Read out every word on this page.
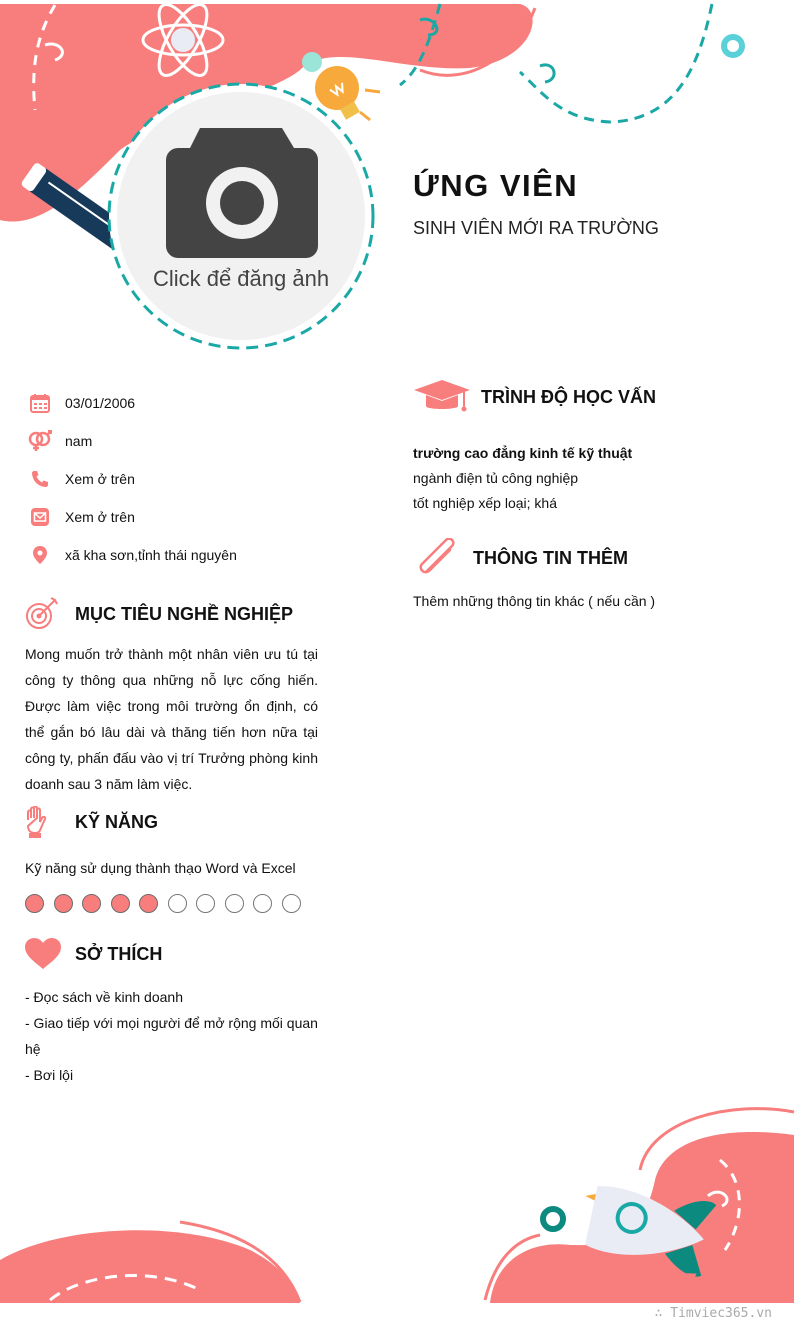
ỨNG VIÊN
SINH VIÊN MỚI RA TRƯỜNG
Click để đăng ảnh
03/01/2006
nam
Xem ở trên
Xem ở trên
xã kha sơn,tỉnh thái nguyên
MỤC TIÊU NGHỀ NGHIỆP

Mong muốn trở thành một nhân viên ưu tú tại công ty thông qua những nỗ lực cống hiến. Được làm việc trong môi trường ổn định, có thể gắn bó lâu dài và thăng tiến hơn nữa tại công ty, phấn đấu vào vị trí Trưởng phòng kinh doanh sau 3 năm làm việc.

KỸ NĂNG
Kỹ năng sử dụng thành thạo Word và Excel
SỞ THÍCH
- Đọc sách về kinh doanh
- Giao tiếp với mọi người để mở rộng mối quan hệ
- Bơi lội
TRÌNH ĐỘ HỌC VẤN
trường cao đẳng kinh tế kỹ thuật
ngành điện tủ công nghiệp
tốt nghiệp xếp loại; khá
THÔNG TIN THÊM
Thêm những thông tin khác ( nếu cần )
∴ Timviec365.vn
